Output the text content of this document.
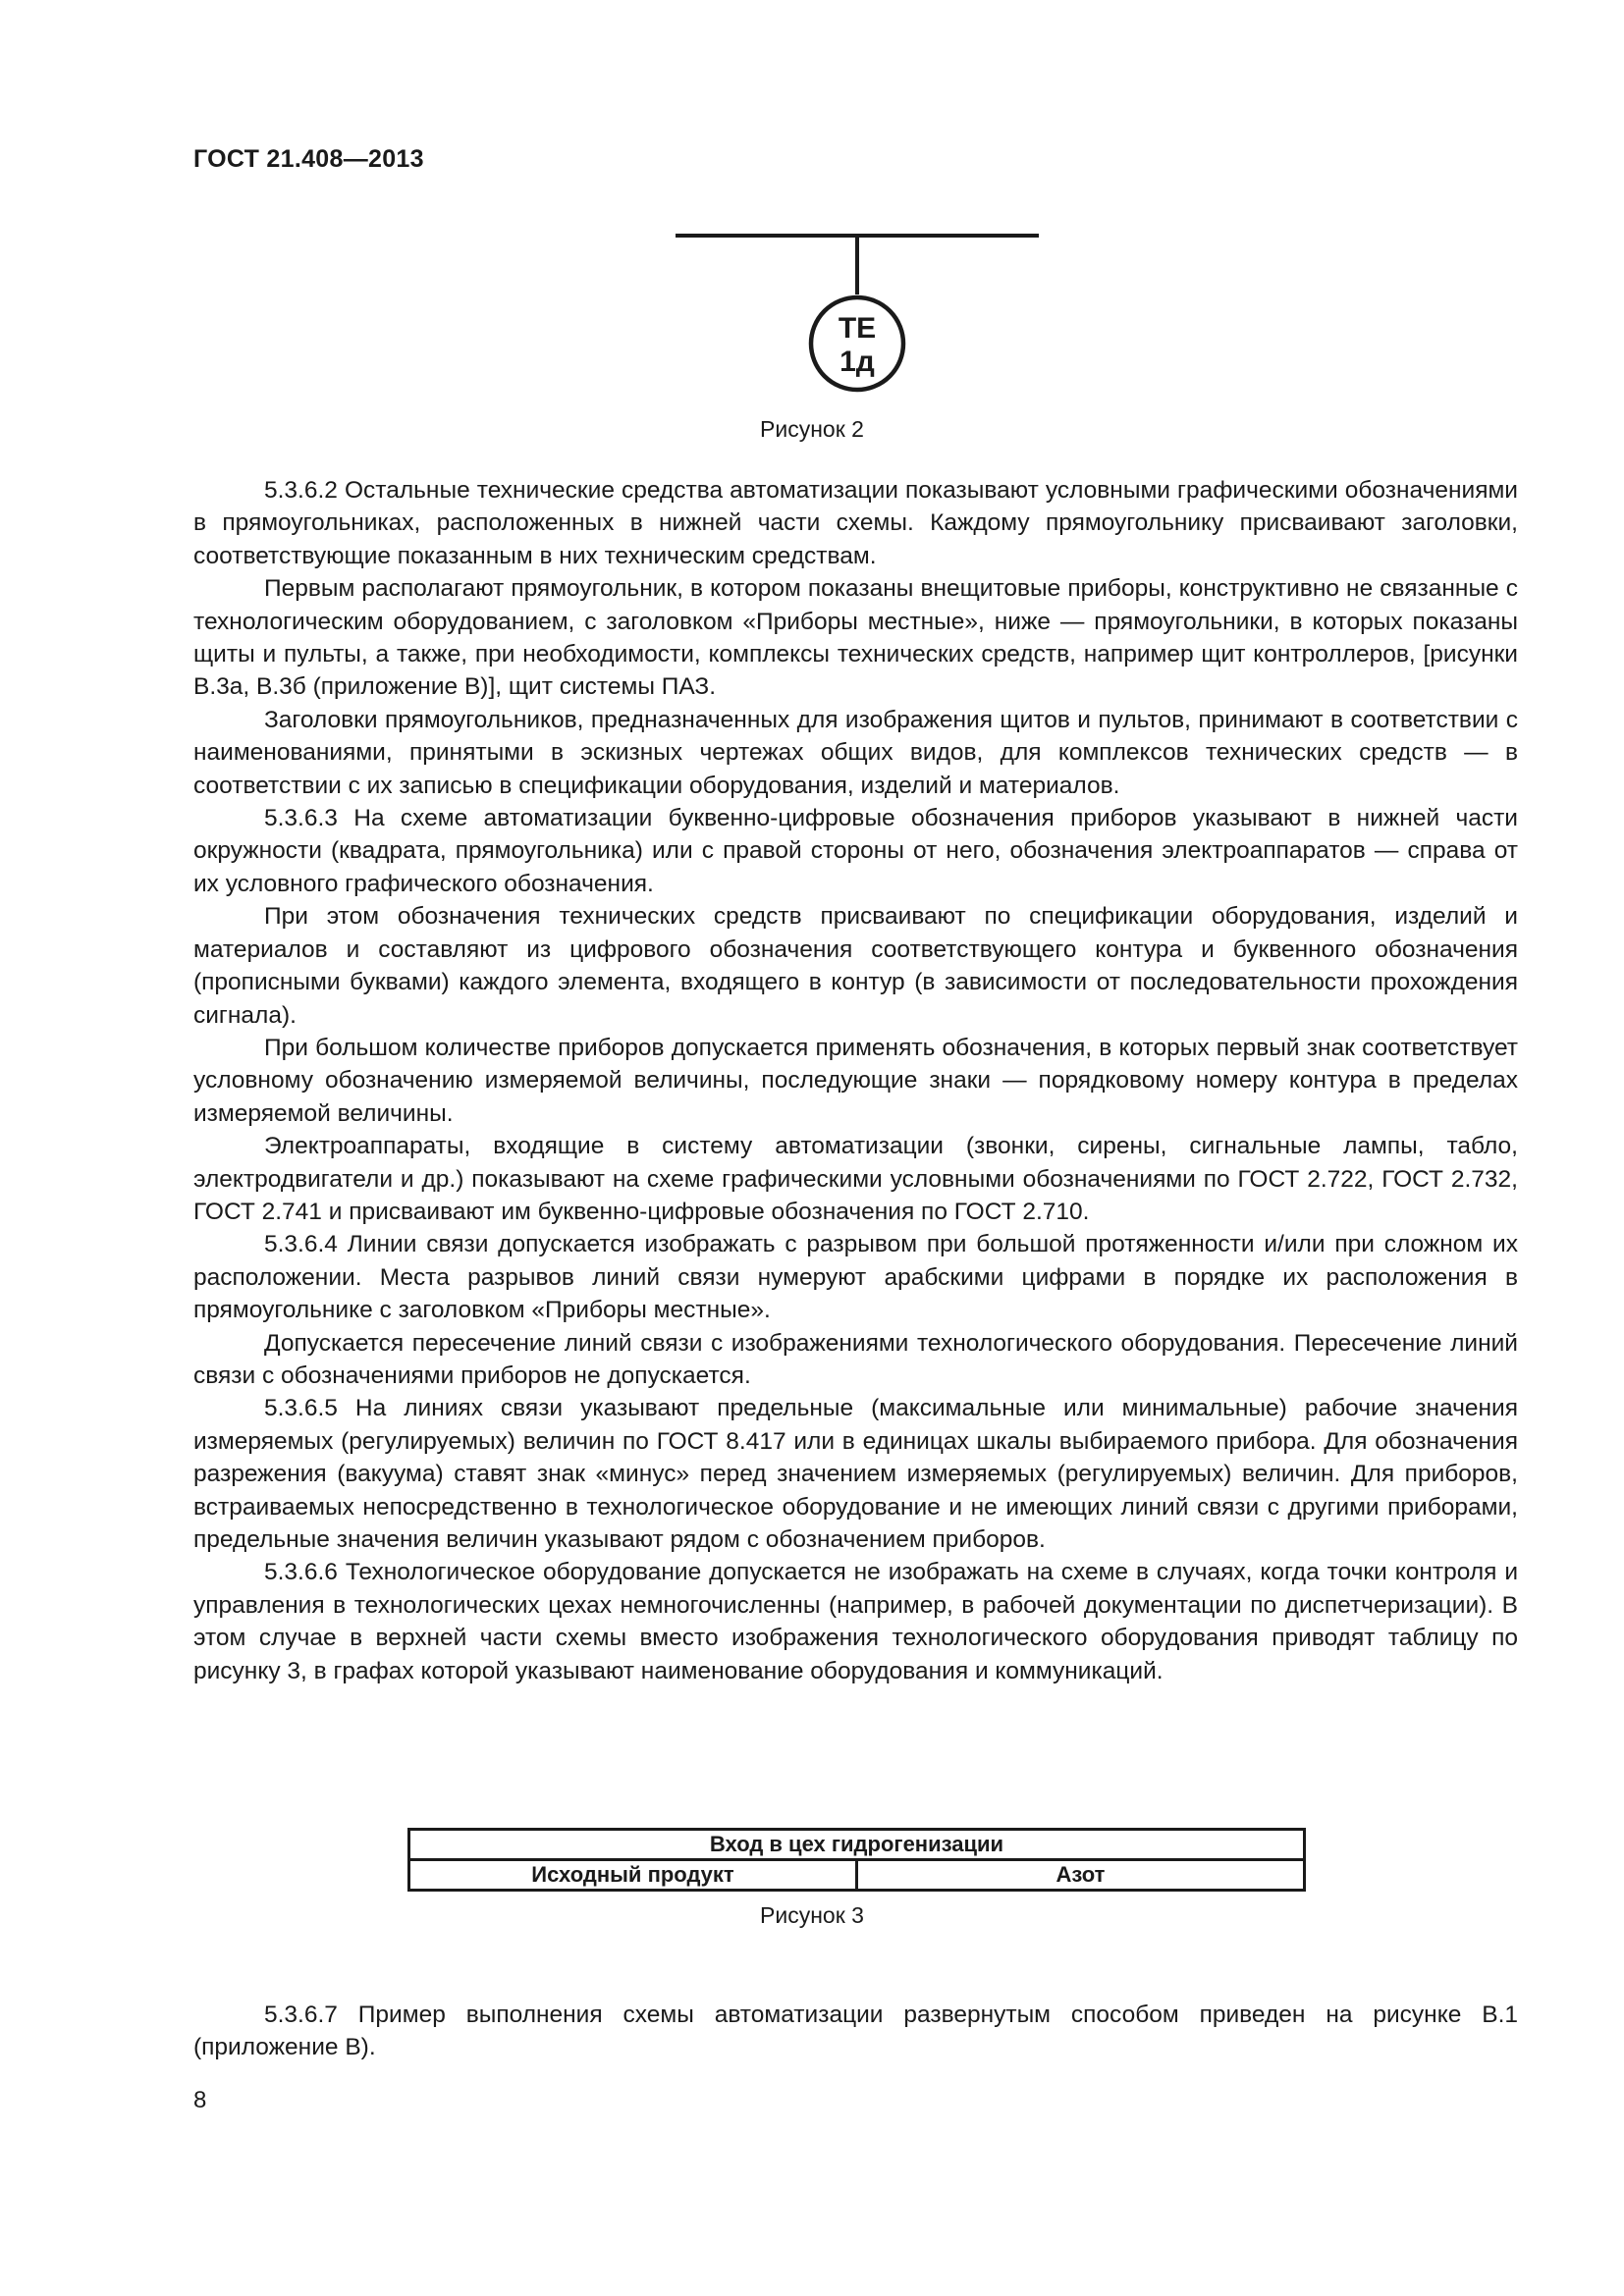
ГОСТ 21.408—2013
ТЕ
1д
Рисунок 2

5.3.6.2 Остальные технические средства автоматизации показывают условными графическими обозначениями в прямоугольниках, расположенных в нижней части схемы. Каждому прямоугольнику присваивают заголовки, соответствующие показанным в них техническим средствам.

Первым располагают прямоугольник, в котором показаны внещитовые приборы, конструктивно не связанные с технологическим оборудованием, с заголовком «Приборы местные», ниже — прямоугольники, в которых показаны щиты и пульты, а также, при необходимости, комплексы технических средств, например щит контроллеров, [рисунки В.3а, В.3б (приложение В)], щит системы ПАЗ.

Заголовки прямоугольников, предназначенных для изображения щитов и пультов, принимают в соответствии с наименованиями, принятыми в эскизных чертежах общих видов, для комплексов технических средств — в соответствии с их записью в спецификации оборудования, изделий и материалов.

5.3.6.3 На схеме автоматизации буквенно-цифровые обозначения приборов указывают в нижней части окружности (квадрата, прямоугольника) или с правой стороны от него, обозначения электроаппаратов — справа от их условного графического обозначения.

При этом обозначения технических средств присваивают по спецификации оборудования, изделий и материалов и составляют из цифрового обозначения соответствующего контура и буквенного обозначения (прописными буквами) каждого элемента, входящего в контур (в зависимости от последовательности прохождения сигнала).

При большом количестве приборов допускается применять обозначения, в которых первый знак соответствует условному обозначению измеряемой величины, последующие знаки — порядковому номеру контура в пределах измеряемой величины.

Электроаппараты, входящие в систему автоматизации (звонки, сирены, сигнальные лампы, табло, электродвигатели и др.) показывают на схеме графическими условными обозначениями по ГОСТ 2.722, ГОСТ 2.732, ГОСТ 2.741 и присваивают им буквенно-цифровые обозначения по ГОСТ 2.710.

5.3.6.4 Линии связи допускается изображать с разрывом при большой протяженности и/или при сложном их расположении. Места разрывов линий связи нумеруют арабскими цифрами в порядке их расположения в прямоугольнике с заголовком «Приборы местные».

Допускается пересечение линий связи с изображениями технологического оборудования. Пересечение линий связи с обозначениями приборов не допускается.

5.3.6.5 На линиях связи указывают предельные (максимальные или минимальные) рабочие значения измеряемых (регулируемых) величин по ГОСТ 8.417 или в единицах шкалы выбираемого прибора. Для обозначения разрежения (вакуума) ставят знак «минус» перед значением измеряемых (регулируемых) величин. Для приборов, встраиваемых непосредственно в технологическое оборудование и не имеющих линий связи с другими приборами, предельные значения величин указывают рядом с обозначением приборов.

5.3.6.6 Технологическое оборудование допускается не изображать на схеме в случаях, когда точки контроля и управления в технологических цехах немногочисленны (например, в рабочей документации по диспетчеризации). В этом случае в верхней части схемы вместо изображения технологического оборудования приводят таблицу по рисунку 3, в графах которой указывают наименование оборудования и коммуникаций.

Вход в цех гидрогенизации
Исходный продукт	Азот
Рисунок 3

5.3.6.7 Пример выполнения схемы автоматизации развернутым способом приведен на рисунке В.1 (приложение В).

8
